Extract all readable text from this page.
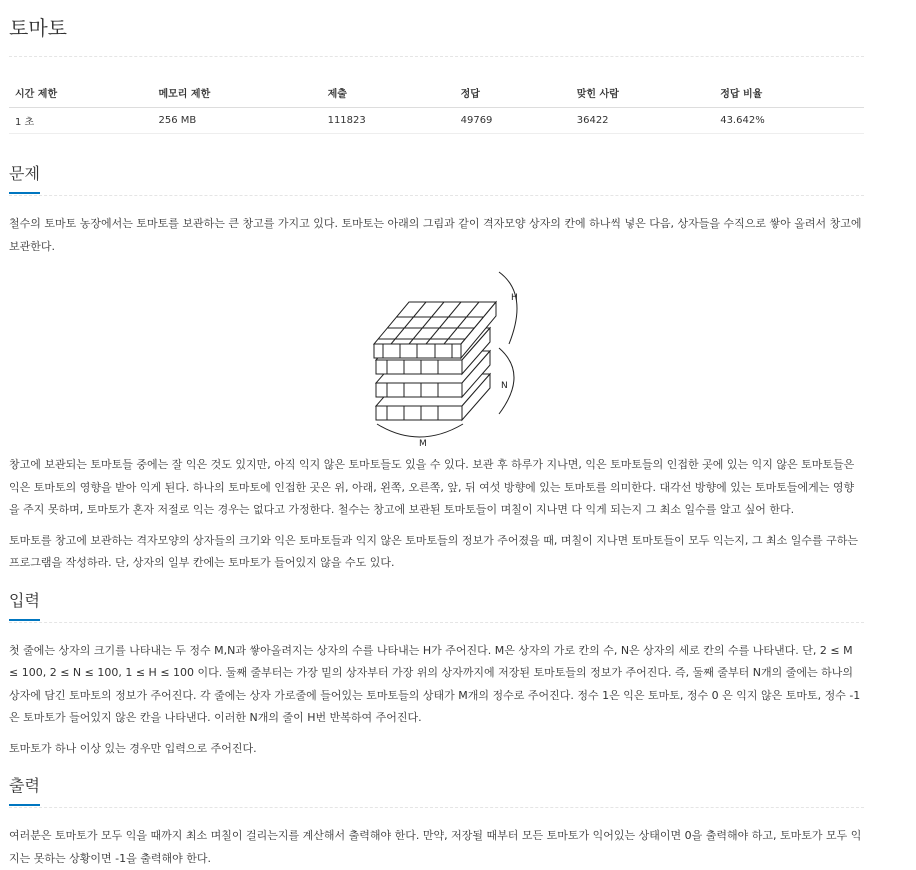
토마토
시간 제한	메모리 제한	제출	정답	맞힌 사람	정답 비율
1 초	256 MB	111823	49769	36422	43.642%
문제

철수의 토마토 농장에서는 토마토를 보관하는 큰 창고를 가지고 있다. 토마토는 아래의 그림과 같이 격자모양 상자의 칸에 하나씩 넣은 다음, 상자들을 수직으로 쌓아 올려서 창고에 보관한다.

H
N
M

창고에 보관되는 토마토들 중에는 잘 익은 것도 있지만, 아직 익지 않은 토마토들도 있을 수 있다. 보관 후 하루가 지나면, 익은 토마토들의 인접한 곳에 있는 익지 않은 토마토들은 익은 토마토의 영향을 받아 익게 된다. 하나의 토마토에 인접한 곳은 위, 아래, 왼쪽, 오른쪽, 앞, 뒤 여섯 방향에 있는 토마토를 의미한다. 대각선 방향에 있는 토마토들에게는 영향을 주지 못하며, 토마토가 혼자 저절로 익는 경우는 없다고 가정한다. 철수는 창고에 보관된 토마토들이 며칠이 지나면 다 익게 되는지 그 최소 일수를 알고 싶어 한다.

토마토를 창고에 보관하는 격자모양의 상자들의 크기와 익은 토마토들과 익지 않은 토마토들의 정보가 주어졌을 때, 며칠이 지나면 토마토들이 모두 익는지, 그 최소 일수를 구하는 프로그램을 작성하라. 단, 상자의 일부 칸에는 토마토가 들어있지 않을 수도 있다.

입력

첫 줄에는 상자의 크기를 나타내는 두 정수 M,N과 쌓아올려지는 상자의 수를 나타내는 H가 주어진다. M은 상자의 가로 칸의 수, N은 상자의 세로 칸의 수를 나타낸다. 단, 2 ≤ M ≤ 100, 2 ≤ N ≤ 100, 1 ≤ H ≤ 100 이다. 둘째 줄부터는 가장 밑의 상자부터 가장 위의 상자까지에 저장된 토마토들의 정보가 주어진다. 즉, 둘째 줄부터 N개의 줄에는 하나의 상자에 담긴 토마토의 정보가 주어진다. 각 줄에는 상자 가로줄에 들어있는 토마토들의 상태가 M개의 정수로 주어진다. 정수 1은 익은 토마토, 정수 0 은 익지 않은 토마토, 정수 -1은 토마토가 들어있지 않은 칸을 나타낸다. 이러한 N개의 줄이 H번 반복하여 주어진다.

토마토가 하나 이상 있는 경우만 입력으로 주어진다.

출력

여러분은 토마토가 모두 익을 때까지 최소 며칠이 걸리는지를 계산해서 출력해야 한다. 만약, 저장될 때부터 모든 토마토가 익어있는 상태이면 0을 출력해야 하고, 토마토가 모두 익지는 못하는 상황이면 -1을 출력해야 한다.
